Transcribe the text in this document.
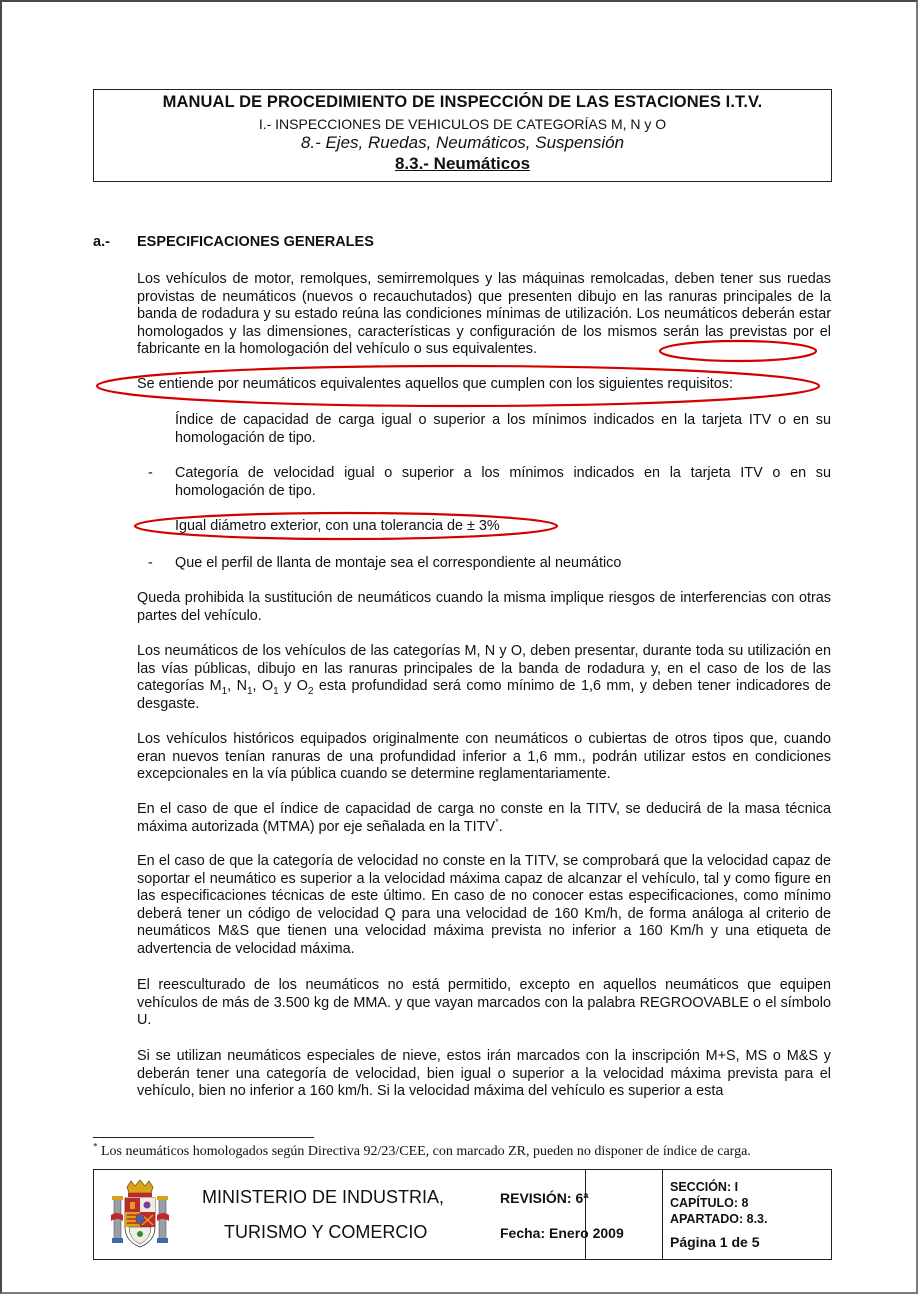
MANUAL DE PROCEDIMIENTO DE INSPECCIÓN DE LAS ESTACIONES I.T.V.
I.- INSPECCIONES DE VEHICULOS DE CATEGORÍAS M, N y O
8.- Ejes, Ruedas, Neumáticos, Suspensión
8.3.- Neumáticos
a.- ESPECIFICACIONES GENERALES
Los vehículos de motor, remolques, semirremolques y las máquinas remolcadas, deben tener sus ruedas provistas de neumáticos (nuevos o recauchutados) que presenten dibujo en las ranuras principales de la banda de rodadura y su estado reúna las condiciones mínimas de utilización. Los neumáticos deberán estar homologados y las dimensiones, características y configuración de los mismos serán las previstas por el fabricante en la homologación del vehículo o sus equivalentes.
Se entiende por neumáticos equivalentes aquellos que cumplen con los siguientes requisitos:
Índice de capacidad de carga igual o superior a los mínimos indicados en la tarjeta ITV o en su homologación de tipo.
- Categoría de velocidad igual o superior a los mínimos indicados en la tarjeta ITV o en su homologación de tipo.
Igual diámetro exterior, con una tolerancia de ± 3%
- Que el perfil de llanta de montaje sea el correspondiente al neumático
Queda prohibida la sustitución de neumáticos cuando la misma implique riesgos de interferencias con otras partes del vehículo.
Los neumáticos de los vehículos de las categorías M, N y O, deben presentar, durante toda su utilización en las vías públicas, dibujo en las ranuras principales de la banda de rodadura y, en el caso de los de las categorías $M_1$, $N_1$, $O_1$ y $O_2$ esta profundidad será como mínimo de 1,6 mm, y deben tener indicadores de desgaste.
Los vehículos históricos equipados originalmente con neumáticos o cubiertas de otros tipos que, cuando eran nuevos tenían ranuras de una profundidad inferior a 1,6 mm., podrán utilizar estos en condiciones excepcionales en la vía pública cuando se determine reglamentariamente.
En el caso de que el índice de capacidad de carga no conste en la TITV, se deducirá de la masa técnica máxima autorizada (MTMA) por eje señalada en la TITV*.
En el caso de que la categoría de velocidad no conste en la TITV, se comprobará que la velocidad capaz de soportar el neumático es superior a la velocidad máxima capaz de alcanzar el vehículo, tal y como figure en las especificaciones técnicas de este último. En caso de no conocer estas especificaciones, como mínimo deberá tener un código de velocidad Q para una velocidad de 160 Km/h, de forma análoga al criterio de neumáticos M&S que tienen una velocidad máxima prevista no inferior a 160 Km/h y una etiqueta de advertencia de velocidad máxima.
El reesculturado de los neumáticos no está permitido, excepto en aquellos neumáticos que equipen vehículos de más de 3.500 kg de MMA. y que vayan marcados con la palabra REGROOVABLE o el símbolo U.
Si se utilizan neumáticos especiales de nieve, estos irán marcados con la inscripción M+S, MS o M&S y deberán tener una categoría de velocidad, bien igual o superior a la velocidad máxima prevista para el vehículo, bien no inferior a 160 km/h. Si la velocidad máxima del vehículo es superior a esta
* Los neumáticos homologados según Directiva 92/23/CEE, con marcado ZR, pueden no disponer de índice de carga.
MINISTERIO DE INDUSTRIA,
TURISMO Y COMERCIO
REVISIÓN: 6ª
Fecha: Enero 2009
SECCIÓN: I
CAPÍTULO: 8
APARTADO: 8.3.
Página 1 de 5
